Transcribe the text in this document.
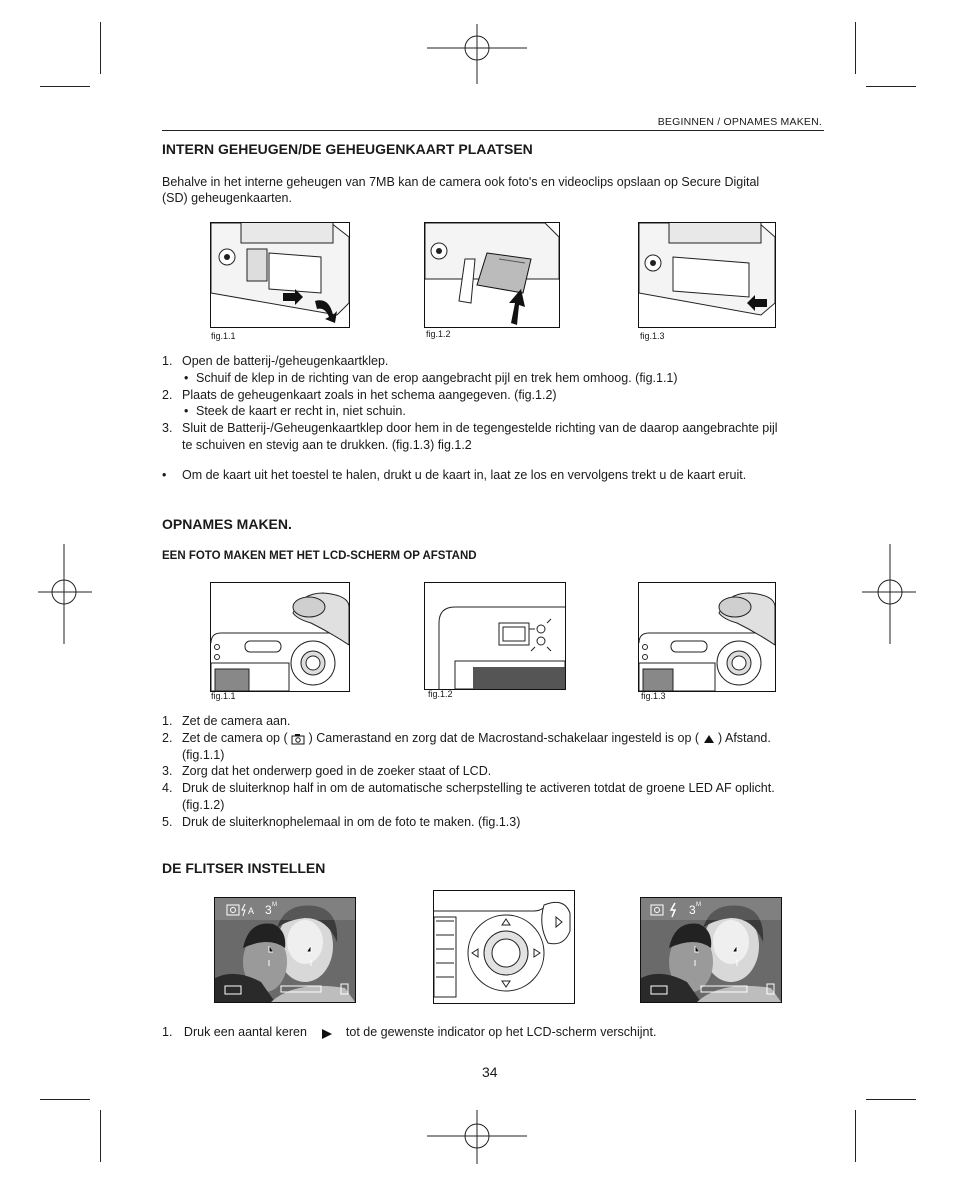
BEGINNEN / OPNAMES MAKEN.
INTERN GEHEUGEN/DE GEHEUGENKAART PLAATSEN

Behalve in het interne geheugen van 7MB kan de camera ook foto's en videoclips opslaan op Secure Digital

(SD) geheugenkaarten.

fig.1.1	fig.1.2	fig.1.3
1. Open de batterij-/geheugenkaartklep.
• Schuif de klep in de richting van de erop aangebracht pijl en trek hem omhoog. (fig.1.1)
2. Plaats de geheugenkaart zoals in het schema aangegeven. (fig.1.2)
• Steek de kaart er recht in, niet schuin.
3. Sluit de Batterij-/Geheugenkaartklep door hem in de tegengestelde richting van de daarop aangebrachte pijl
te schuiven en stevig aan te drukken. (fig.1.3) fig.1.2
• Om de kaart uit het toestel te halen, drukt u de kaart in, laat ze los en vervolgens trekt u de kaart eruit.
OPNAMES MAKEN.
EEN FOTO MAKEN MET HET LCD-SCHERM OP AFSTAND
fig.1.1	fig.1.2	fig.1.3
1. Zet de camera aan.
2. Zet de camera op ( ) Camerastand en zorg dat de Macrostand-schakelaar ingesteld is op ( ) Afstand.
(fig.1.1)
3. Zorg dat het onderwerp goed in de zoeker staat of LCD.
4. Druk de sluiterknop half in om de automatische scherpstelling te activeren totdat de groene LED AF oplicht.
(fig.1.2)
5. Druk de sluiterknophelemaal in om de foto te maken. (fig.1.3)
DE FLITSER INSTELLEN
A 3 M	3 M
1. Druk een aantal keren	tot de gewenste indicator op het LCD-scherm verschijnt.
34
